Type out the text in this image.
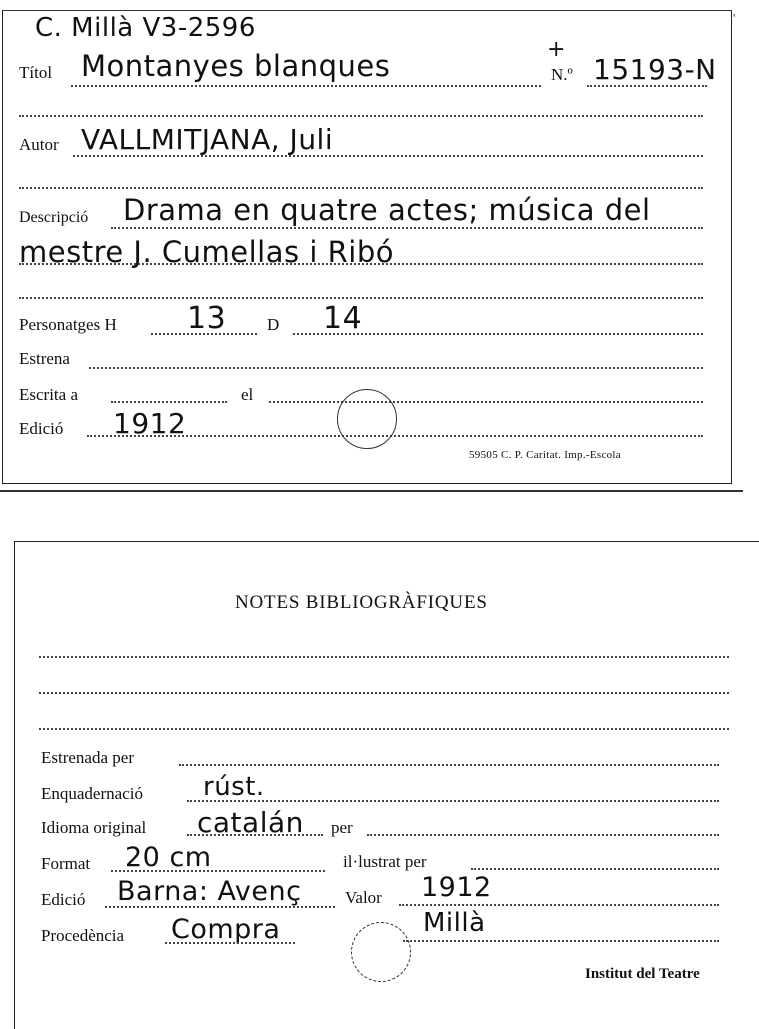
C. Millà V3-2596
+
Títol Montanyes blanques	N.º 15193-N
Autor VALLMITJANA, Juli
Descripció Drama en quatre actes; música del
mestre J. Cumellas i Ribó
Personatges H 13 D 14
Estrena
Escrita a	el
Edició 1912
59505 C. P. Caritat. Imp.-Escola
'
NOTES BIBLIOGRÀFIQUES
Estrenada per
Enquadernació rúst.
Idioma original catalán per
Format 20 cm	il·lustrat per
Edició Barna: Avenç	Valor 1912
Procedència Compra	Millà
Institut del Teatre
